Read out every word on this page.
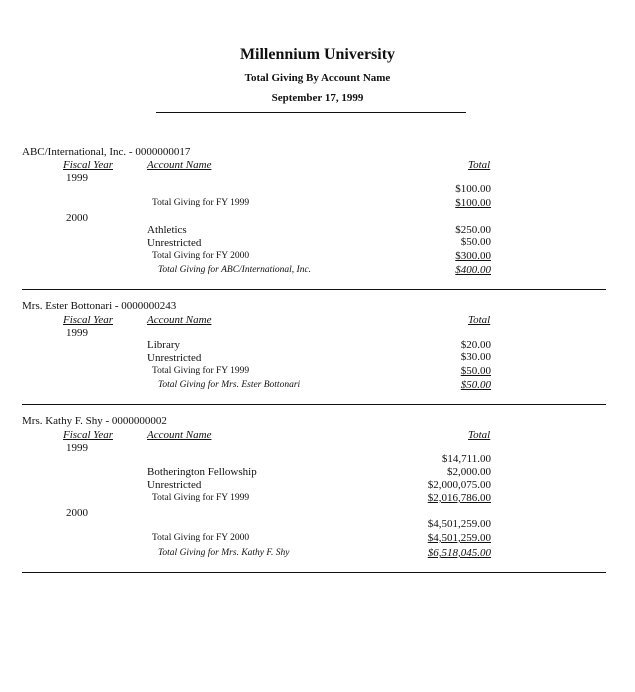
Millennium University
Total Giving By Account Name
September 17, 1999
ABC/International, Inc. - 0000000017
Fiscal Year	Account Name	Total
1999
$100.00
Total Giving for FY 1999	$100.00
2000
Athletics	$250.00
Unrestricted	$50.00
Total Giving for FY 2000	$300.00
Total Giving for ABC/International, Inc.	$400.00
Mrs. Ester Bottonari - 0000000243
Fiscal Year	Account Name	Total
1999
Library	$20.00
Unrestricted	$30.00
Total Giving for FY 1999	$50.00
Total Giving for Mrs. Ester Bottonari	$50.00
Mrs. Kathy F. Shy - 0000000002
Fiscal Year	Account Name	Total
1999
$14,711.00
Botherington Fellowship	$2,000.00
Unrestricted	$2,000,075.00
Total Giving for FY 1999	$2,016,786.00
2000
$4,501,259.00
Total Giving for FY 2000	$4,501,259.00
Total Giving for Mrs. Kathy F. Shy	$6,518,045.00
